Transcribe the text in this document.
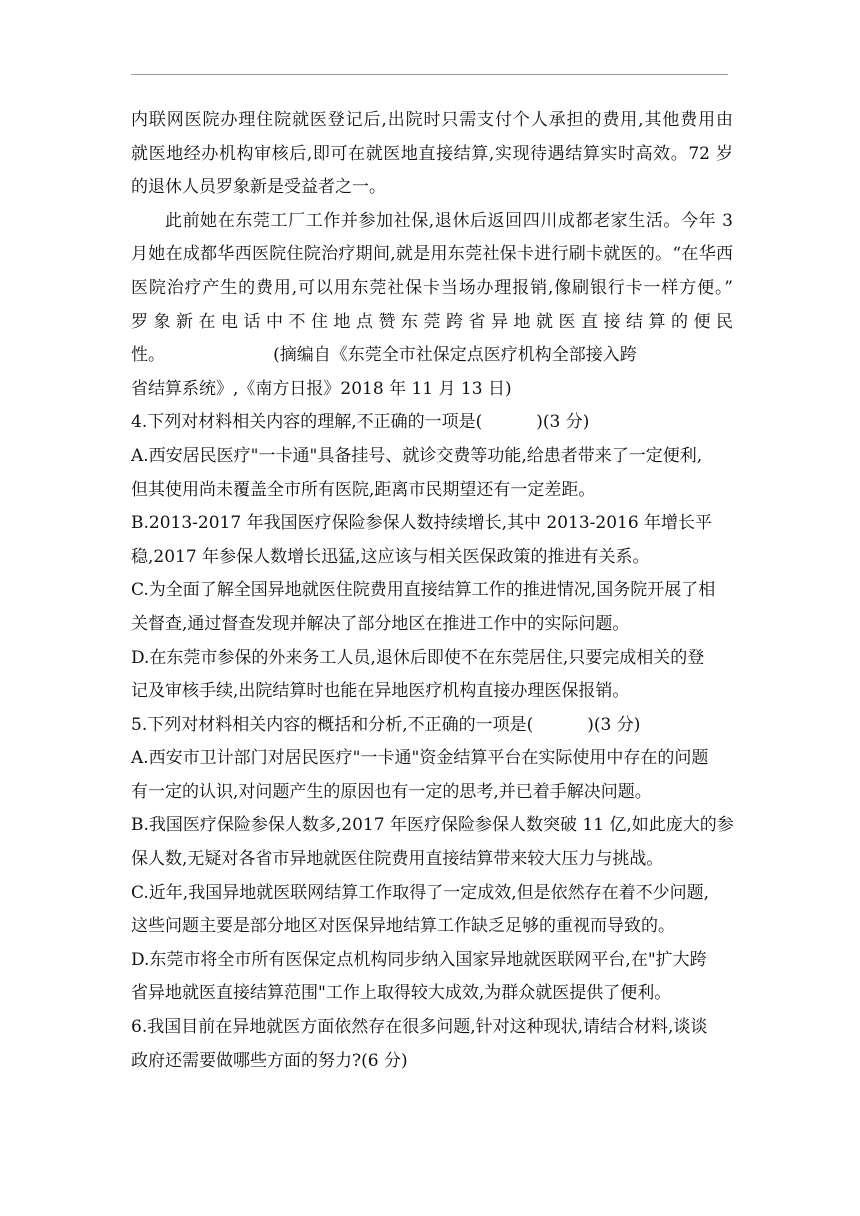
内联网医院办理住院就医登记后,出院时只需支付个人承担的费用,其他费用由
就医地经办机构审核后,即可在就医地直接结算,实现待遇结算实时高效。72 岁
的退休人员罗象新是受益者之一。
此前她在东莞工厂工作并参加社保,退休后返回四川成都老家生活。今年 3
月她在成都华西医院住院治疗期间,就是用东莞社保卡进行刷卡就医的。“在华西
医院治疗产生的费用,可以用东莞社保卡当场办理报销,像刷银行卡一样方便。”
罗象新在电话中不住地点赞东莞跨省异地就医直接结算的便民
性。                    (摘编自《东莞全市社保定点医疗机构全部接入跨
省结算系统》,《南方日报》2018 年 11 月 13 日)
4.下列对材料相关内容的理解,不正确的一项是(          )(3 分)
A.西安居民医疗"一卡通"具备挂号、就诊交费等功能,给患者带来了一定便利,
但其使用尚未覆盖全市所有医院,距离市民期望还有一定差距。
B.2013-2017 年我国医疗保险参保人数持续增长,其中 2013-2016 年增长平
稳,2017 年参保人数增长迅猛,这应该与相关医保政策的推进有关系。
C.为全面了解全国异地就医住院费用直接结算工作的推进情况,国务院开展了相
关督查,通过督查发现并解决了部分地区在推进工作中的实际问题。
D.在东莞市参保的外来务工人员,退休后即使不在东莞居住,只要完成相关的登
记及审核手续,出院结算时也能在异地医疗机构直接办理医保报销。
5.下列对材料相关内容的概括和分析,不正确的一项是(          )(3 分)
A.西安市卫计部门对居民医疗"一卡通"资金结算平台在实际使用中存在的问题
有一定的认识,对问题产生的原因也有一定的思考,并已着手解决问题。
B.我国医疗保险参保人数多,2017 年医疗保险参保人数突破 11 亿,如此庞大的参
保人数,无疑对各省市异地就医住院费用直接结算带来较大压力与挑战。
C.近年,我国异地就医联网结算工作取得了一定成效,但是依然存在着不少问题,
这些问题主要是部分地区对医保异地结算工作缺乏足够的重视而导致的。
D.东莞市将全市所有医保定点机构同步纳入国家异地就医联网平台,在"扩大跨
省异地就医直接结算范围"工作上取得较大成效,为群众就医提供了便利。
6.我国目前在异地就医方面依然存在很多问题,针对这种现状,请结合材料,谈谈
政府还需要做哪些方面的努力?(6 分)
